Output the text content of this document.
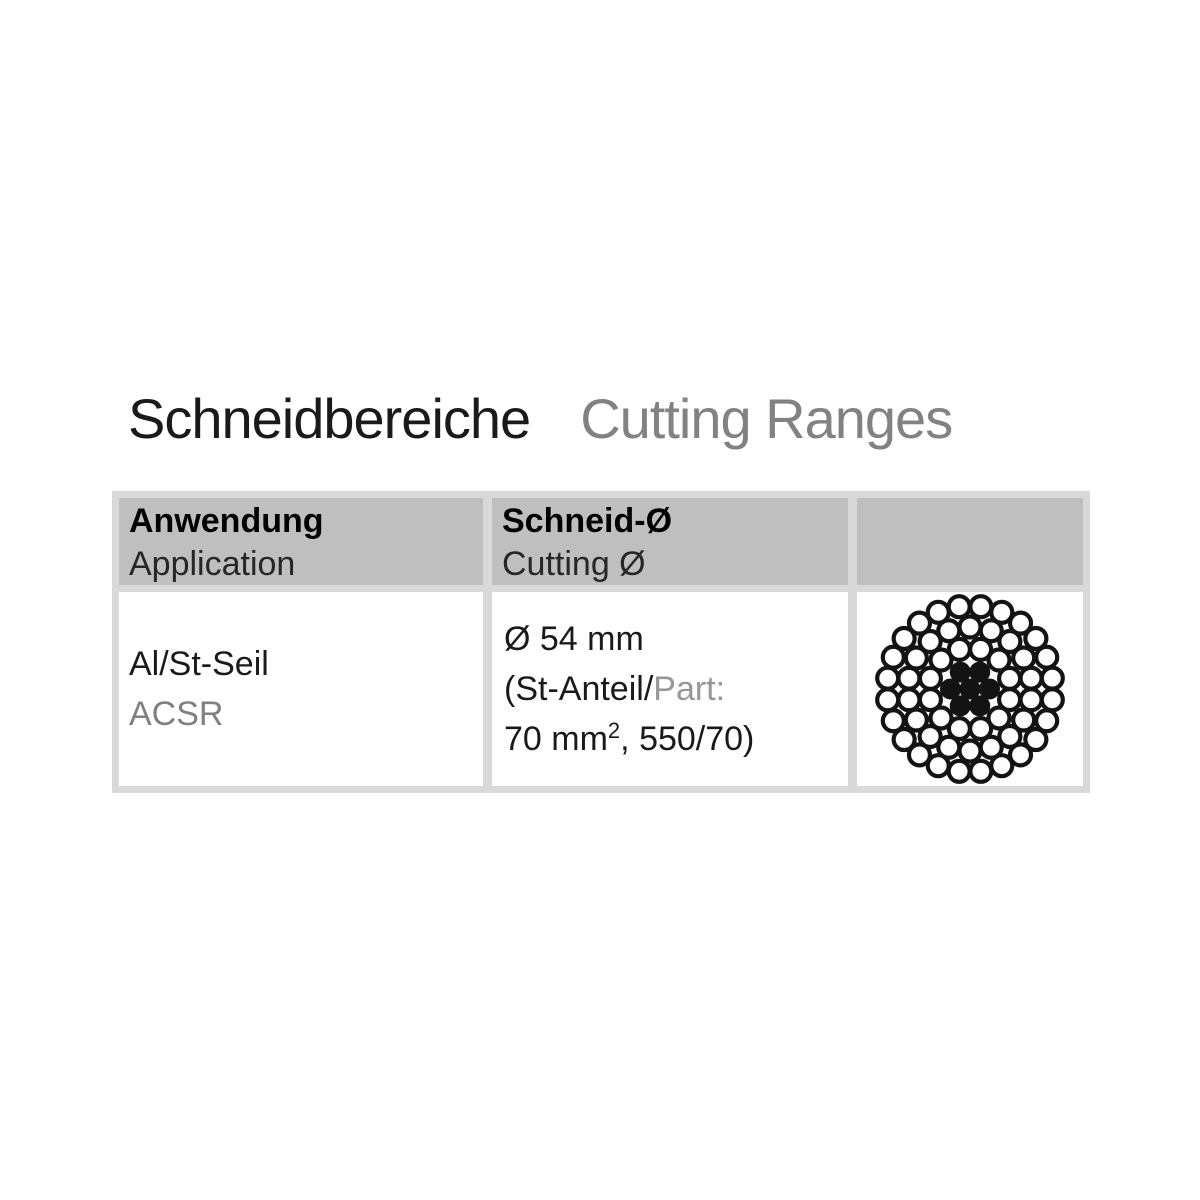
Schneidbereiche Cutting Ranges
Anwendung
Application
Schneid-Ø
Cutting Ø
Al/St-Seil
ACSR
Ø 54 mm
(St-Anteil/Part:
70 $mm^2$, 550/70)
